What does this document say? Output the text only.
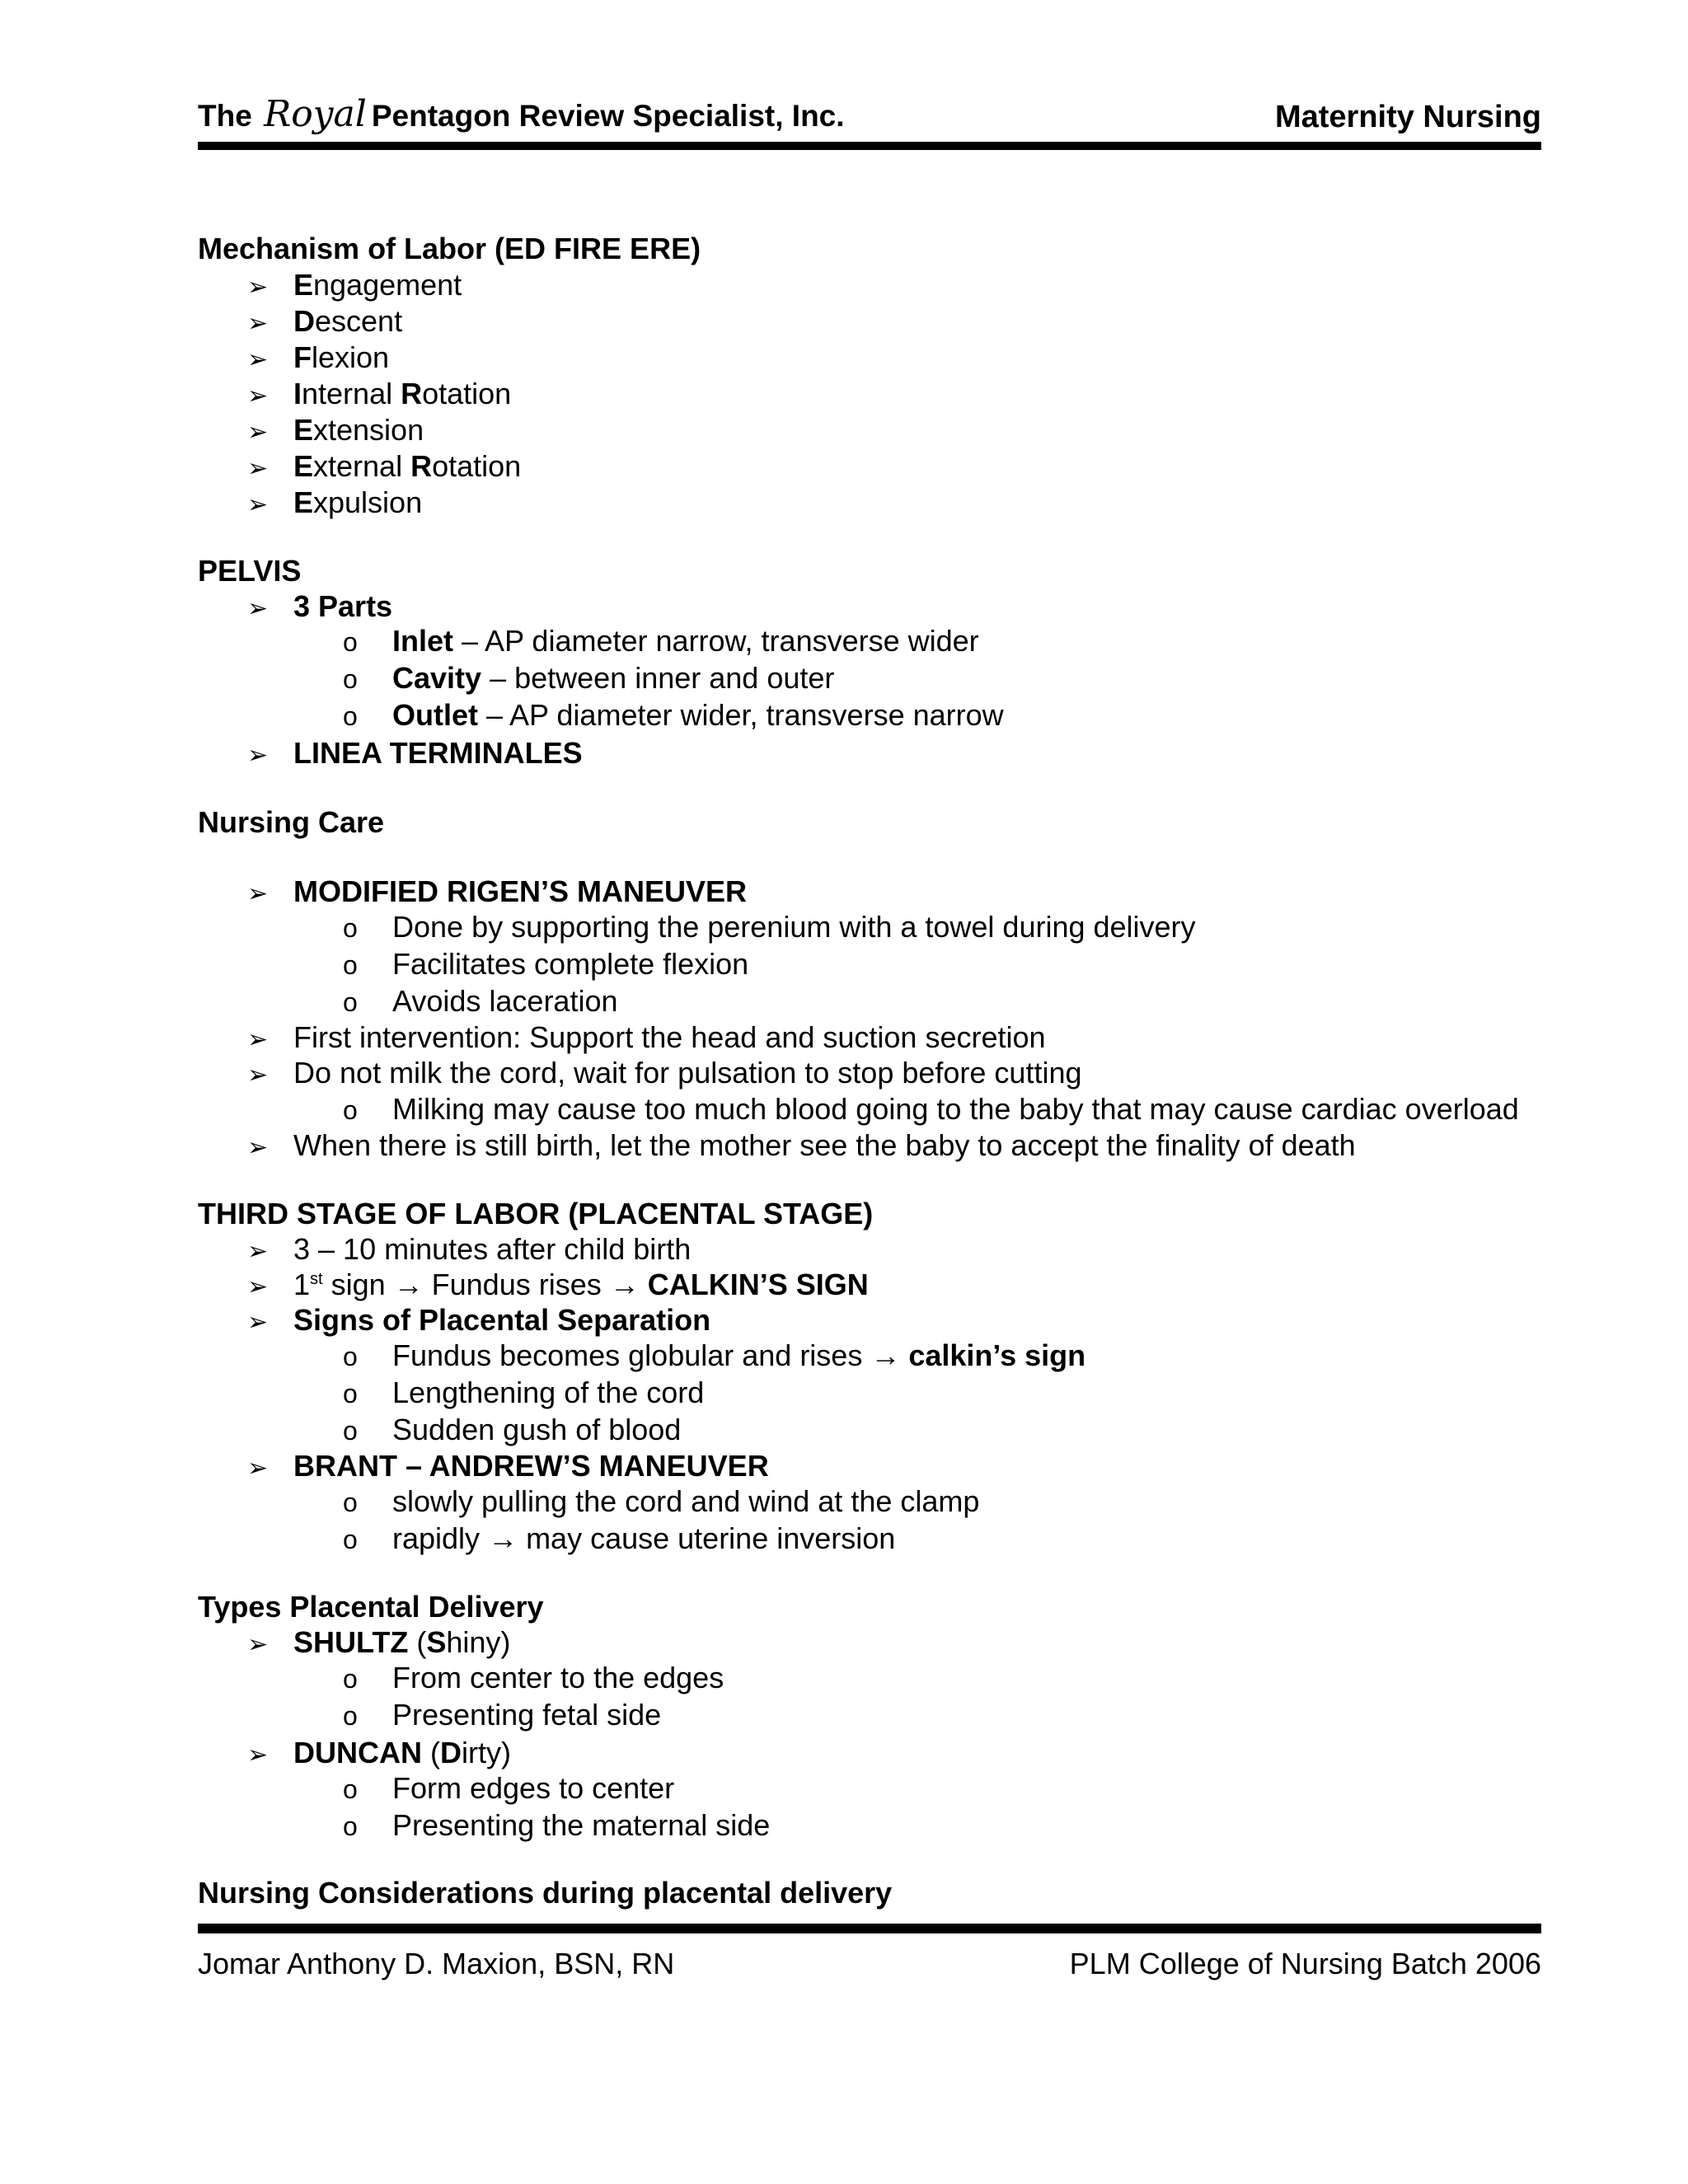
The Royal Pentagon Review Specialist, Inc.	Maternity Nursing
Mechanism of Labor (ED FIRE ERE)
➢ Engagement
➢ Descent
➢ Flexion
➢ Internal Rotation
➢ Extension
➢ External Rotation
➢ Expulsion
PELVIS
➢ 3 Parts
o Inlet – AP diameter narrow, transverse wider
o Cavity – between inner and outer
o Outlet – AP diameter wider, transverse narrow
➢ LINEA TERMINALES
Nursing Care
➢ MODIFIED RIGEN’S MANEUVER
o Done by supporting the perenium with a towel during delivery
o Facilitates complete flexion
o Avoids laceration
➢ First intervention: Support the head and suction secretion
➢ Do not milk the cord, wait for pulsation to stop before cutting
o Milking may cause too much blood going to the baby that may cause cardiac overload
➢ When there is still birth, let the mother see the baby to accept the finality of death
THIRD STAGE OF LABOR (PLACENTAL STAGE)
➢ 3 – 10 minutes after child birth
➢ 1st sign → Fundus rises → CALKIN’S SIGN
➢ Signs of Placental Separation
o Fundus becomes globular and rises → calkin’s sign
o Lengthening of the cord
o Sudden gush of blood
➢ BRANT – ANDREW’S MANEUVER
o slowly pulling the cord and wind at the clamp
o rapidly → may cause uterine inversion
Types Placental Delivery
➢ SHULTZ (Shiny)
o From center to the edges
o Presenting fetal side
➢ DUNCAN (Dirty)
o Form edges to center
o Presenting the maternal side
Nursing Considerations during placental delivery
Jomar Anthony D. Maxion, BSN, RN	PLM College of Nursing Batch 2006
